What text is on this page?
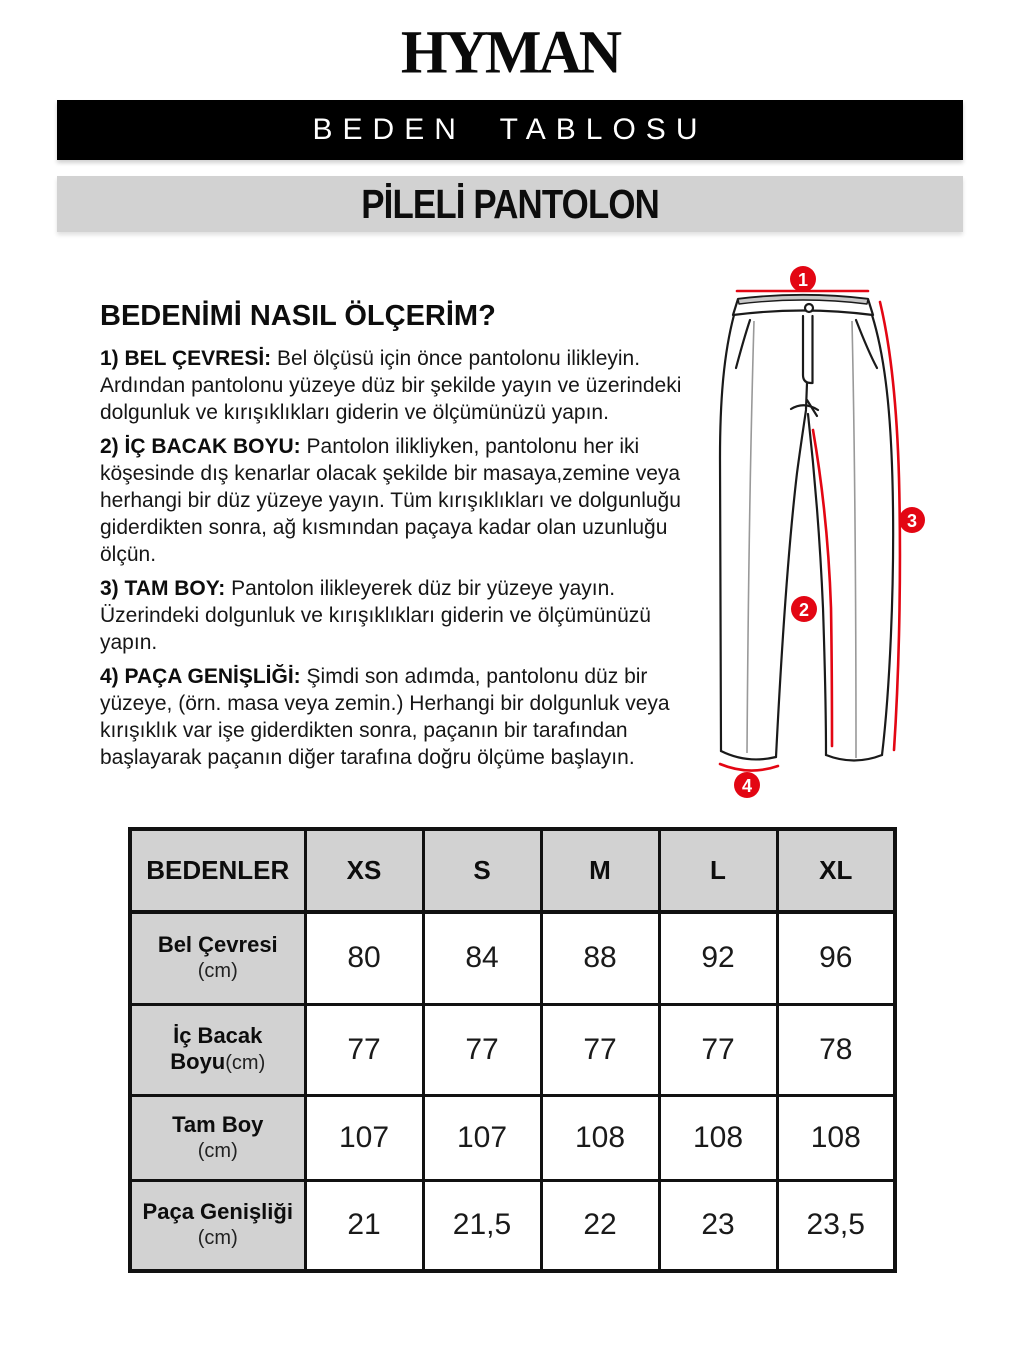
HYMAN
BEDEN TABLOSU
PİLELİ PANTOLON
BEDENİMİ NASIL ÖLÇERİM?

1) BEL ÇEVRESİ: Bel ölçüsü için önce pantolonu ilikleyin. Ardından pantolonu yüzeye düz bir şekilde yayın ve üzerindeki dolgunluk ve kırışıklıkları giderin ve ölçümünüzü yapın.

2) İÇ BACAK BOYU: Pantolon ilikliyken, pantolonu her iki köşesinde dış kenarlar olacak şekilde bir masaya,zemine veya herhangi bir düz yüzeye yayın. Tüm kırışıklıkları ve dolgunluğu giderdikten sonra, ağ kısmından paçaya kadar olan uzunluğu ölçün.

3) TAM BOY: Pantolon ilikleyerek düz bir yüzeye yayın. Üzerindeki dolgunluk ve kırışıklıkları giderin ve ölçümünüzü yapın.

4) PAÇA GENİŞLİĞİ: Şimdi son adımda, pantolonu düz bir yüzeye, (örn. masa veya zemin.) Herhangi bir dolgunluk veya kırışıklık var işe giderdikten sonra, paçanın bir tarafından başlayarak paçanın diğer tarafına doğru ölçüme başlayın.

1
2
3
4
BEDENLER	XS	S	M	L	XL

Bel Çevresi
(cm)	80	84	88	92	96

İç Bacak Boyu(cm)	77	77	77	77	78

Tam Boy
(cm)	107	107	108	108	108

Paça Genişliği
(cm)	21	21,5	22	23	23,5
